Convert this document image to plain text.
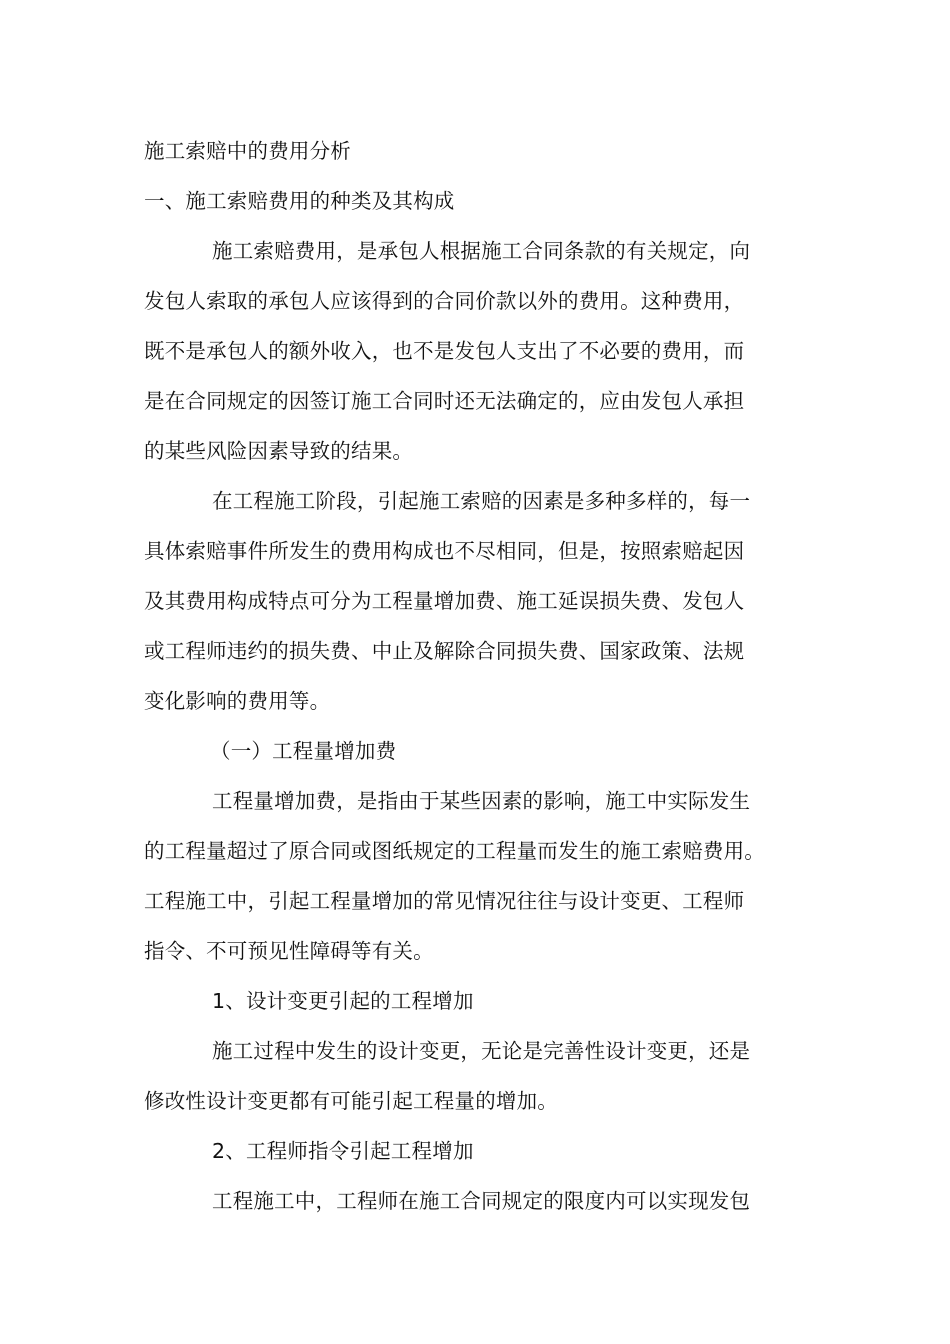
施工索赔中的费用分析
一、施工索赔费用的种类及其构成
施工索赔费用，是承包人根据施工合同条款的有关规定，向
发包人索取的承包人应该得到的合同价款以外的费用。这种费用，
既不是承包人的额外收入，也不是发包人支出了不必要的费用，而
是在合同规定的因签订施工合同时还无法确定的，应由发包人承担
的某些风险因素导致的结果。
在工程施工阶段，引起施工索赔的因素是多种多样的，每一
具体索赔事件所发生的费用构成也不尽相同，但是，按照索赔起因
及其费用构成特点可分为工程量增加费、施工延误损失费、发包人
或工程师违约的损失费、中止及解除合同损失费、国家政策、法规
变化影响的费用等。
（一）工程量增加费
工程量增加费，是指由于某些因素的影响，施工中实际发生
的工程量超过了原合同或图纸规定的工程量而发生的施工索赔费用。
工程施工中，引起工程量增加的常见情况往往与设计变更、工程师
指令、不可预见性障碍等有关。
1、设计变更引起的工程增加
施工过程中发生的设计变更，无论是完善性设计变更，还是
修改性设计变更都有可能引起工程量的增加。
2、工程师指令引起工程增加
工程施工中，工程师在施工合同规定的限度内可以实现发包
